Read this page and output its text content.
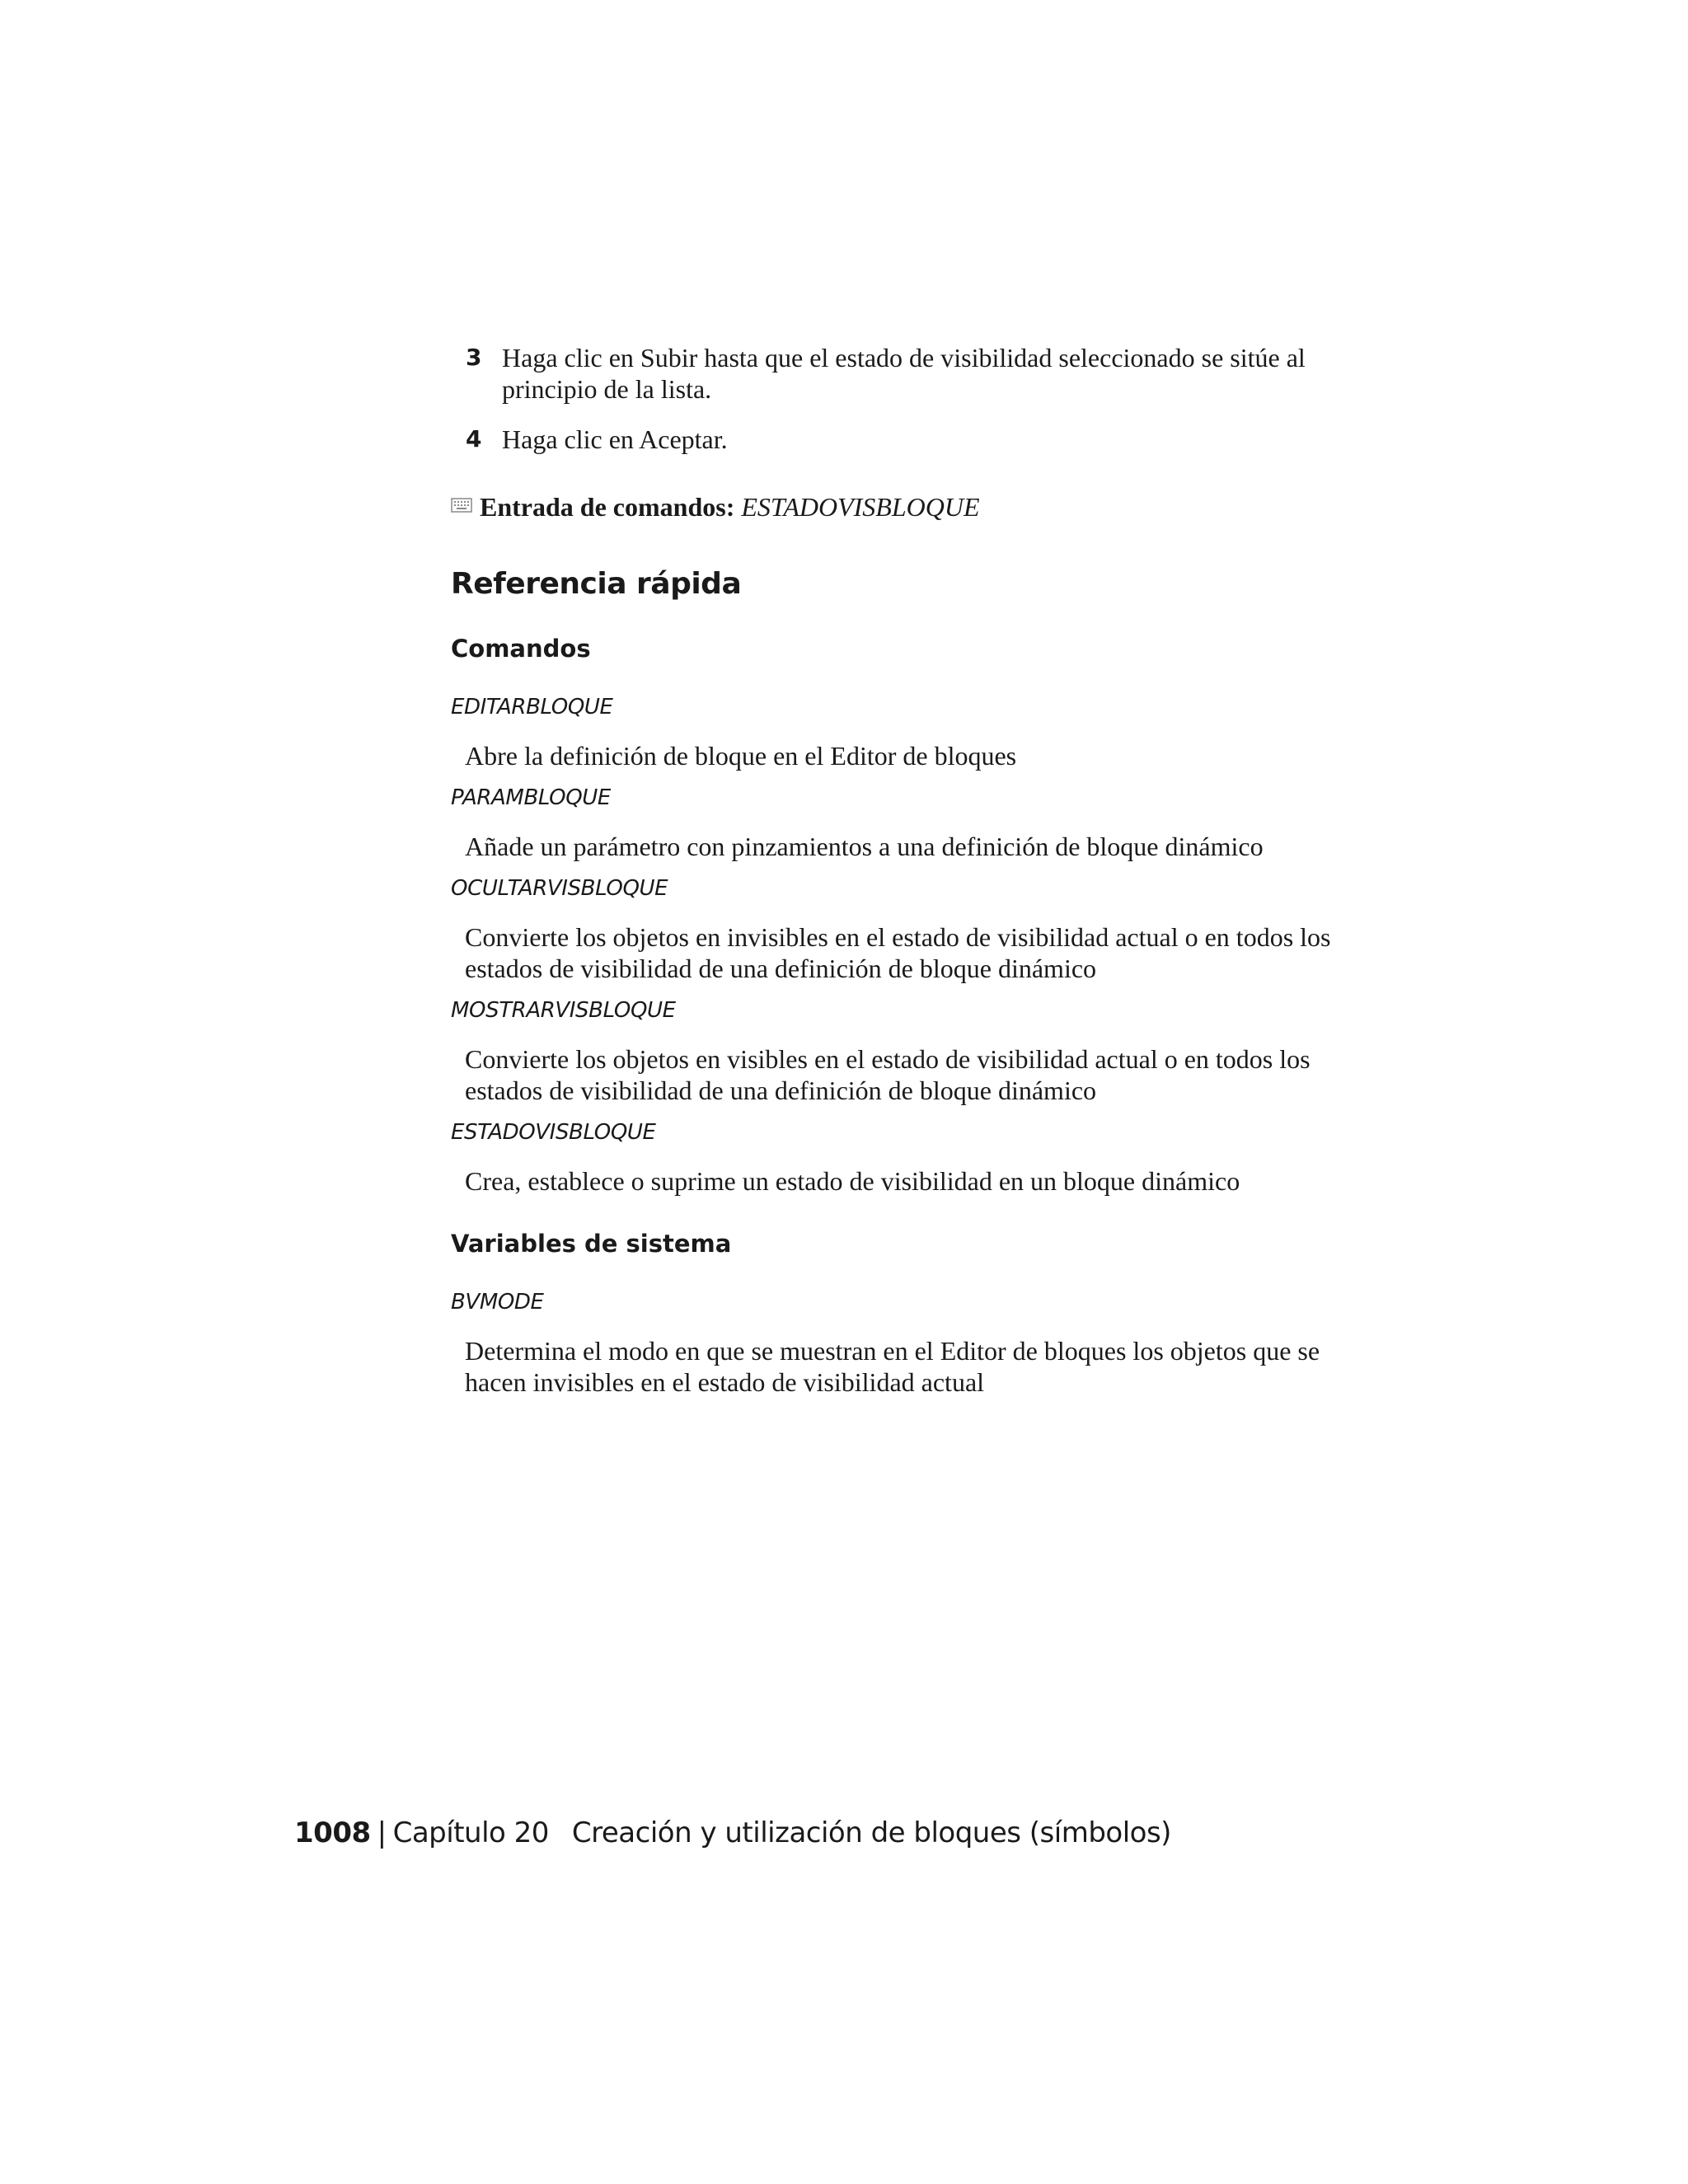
3 Haga clic en Subir hasta que el estado de visibilidad seleccionado se sitúe al principio de la lista.
4 Haga clic en Aceptar.
Entrada de comandos: ESTADOVISBLOQUE
Referencia rápida
Comandos
EDITARBLOQUE
Abre la definición de bloque en el Editor de bloques
PARAMBLOQUE
Añade un parámetro con pinzamientos a una definición de bloque dinámico
OCULTARVISBLOQUE
Convierte los objetos en invisibles en el estado de visibilidad actual o en todos los estados de visibilidad de una definición de bloque dinámico
MOSTRARVISBLOQUE
Convierte los objetos en visibles en el estado de visibilidad actual o en todos los estados de visibilidad de una definición de bloque dinámico
ESTADOVISBLOQUE
Crea, establece o suprime un estado de visibilidad en un bloque dinámico
Variables de sistema
BVMODE
Determina el modo en que se muestran en el Editor de bloques los objetos que se hacen invisibles en el estado de visibilidad actual
1008 | Capítulo 20 Creación y utilización de bloques (símbolos)
